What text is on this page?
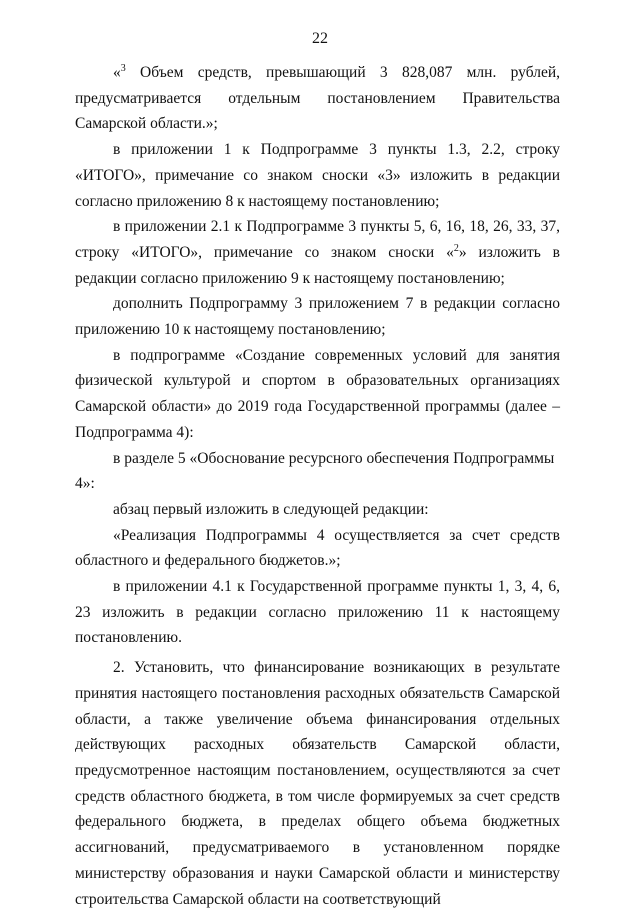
22

«$^3$ Объем средств, превышающий 3 828,087 млн. рублей, предусматривается отдельным постановлением Правительства Самарской области.»;

в приложении 1 к Подпрограмме 3 пункты 1.3, 2.2, строку «ИТОГО», примечание со знаком сноски «3» изложить в редакции согласно приложению 8 к настоящему постановлению;

в приложении 2.1 к Подпрограмме 3 пункты 5, 6, 16, 18, 26, 33, 37, строку «ИТОГО», примечание со знаком сноски «$^2$» изложить в редакции согласно приложению 9 к настоящему постановлению;

дополнить Подпрограмму 3 приложением 7 в редакции согласно приложению 10 к настоящему постановлению;

в подпрограмме «Создание современных условий для занятия физической культурой и спортом в образовательных организациях Самарской области» до 2019 года Государственной программы (далее – Подпрограмма 4):

в разделе 5 «Обоснование ресурсного обеспечения Подпрограммы 4»:

абзац первый изложить в следующей редакции:

«Реализация Подпрограммы 4 осуществляется за счет средств областного и федерального бюджетов.»;

в приложении 4.1 к Государственной программе пункты 1, 3, 4, 6, 23 изложить в редакции согласно приложению 11 к настоящему постановлению.

2. Установить, что финансирование возникающих в результате принятия настоящего постановления расходных обязательств Самарской области, а также увеличение объема финансирования отдельных действующих расходных обязательств Самарской области, предусмотренное настоящим постановлением, осуществляются за счет средств областного бюджета, в том числе формируемых за счет средств федерального бюджета, в пределах общего объема бюджетных ассигнований, предусматриваемого в установленном порядке министерству образования и науки Самарской области и министерству строительства Самарской области на соответствующий
